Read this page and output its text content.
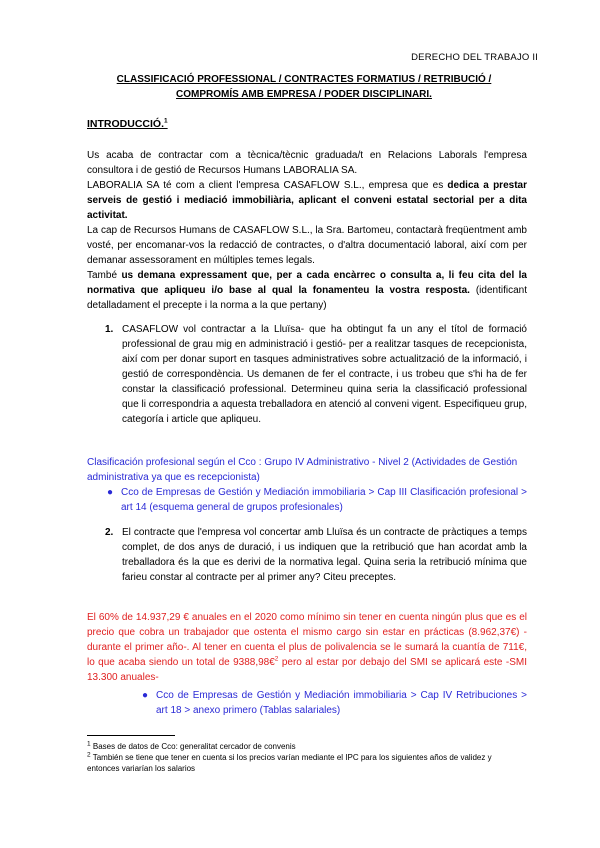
DERECHO DEL TRABAJO II
CLASSIFICACIÓ PROFESSIONAL / CONTRACTES FORMATIUS / RETRIBUCIÓ /
COMPROMÍS AMB EMPRESA / PODER DISCIPLINARI.
INTRODUCCIÓ.$^1$

Us acaba de contractar com a tècnica/tècnic graduada/t en Relacions Laborals l'empresa consultora i de gestió de Recursos Humans LABORALIA SA.

LABORALIA SA té com a client l'empresa CASAFLOW S.L., empresa que es dedica a prestar serveis de gestió i mediació immobiliària, aplicant el conveni estatal sectorial per a dita activitat.

La cap de Recursos Humans de CASAFLOW S.L., la Sra. Bartomeu, contactarà freqüentment amb vosté, per encomanar-vos la redacció de contractes, o d'altra documentació laboral, així com per demanar assessorament en múltiples temes legals.

També us demana expressament que, per a cada encàrrec o consulta a, li feu cita del la normativa que apliqueu i/o base al qual la fonamenteu la vostra resposta. (identificant detalladament el precepte i la norma a la que pertany)

1. CASAFLOW vol contractar a la Lluïsa- que ha obtingut fa un any el títol de formació professional de grau mig en administració i gestió- per a realitzar tasques de recepcionista, així com per donar suport en tasques administratives sobre actualització de la informació, i gestió de correspondència. Us demanen de fer el contracte, i us trobeu que s'hi ha de fer constar la classificació professional. Determineu quina seria la classificació professional que li correspondria a aquesta treballadora en atenció al conveni vigent. Especifiqueu grup, categoría i article que apliqueu.
Clasificación profesional según el Cco : Grupo IV Administrativo - Nivel 2 (Actividades de Gestión administrativa ya que es recepcionista)
● Cco de Empresas de Gestión y Mediación immobiliaria > Cap III Clasificación profesional > art 14 (esquema general de grupos profesionales)
2. El contracte que l'empresa vol concertar amb Lluïsa és un contracte de pràctiques a temps complet, de dos anys de duració, i us indiquen que la retribució que han acordat amb la treballadora és la que es derivi de la normativa legal. Quina seria la retribució mínima que farieu constar al contracte per al primer any? Citeu preceptes.
El 60% de 14.937,29 € anuales en el 2020 como mínimo sin tener en cuenta ningún plus que es el precio que cobra un trabajador que ostenta el mismo cargo sin estar en prácticas (8.962,37€) -durante el primer año-. Al tener en cuenta el plus de polivalencia se le sumará la cuantía de 711€, lo que acaba siendo un total de 9388,98€$^2$ pero al estar por debajo del SMI se aplicará este -SMI 13.300 anuales-
● Cco de Empresas de Gestión y Mediación immobiliaria > Cap IV Retribuciones > art 18 > anexo primero (Tablas salariales)
$^1$ Bases de datos de Cco: generalitat cercador de convenis
$^2$ También se tiene que tener en cuenta si los precios varían mediante el IPC para los siguientes años de validez y entonces variarían los salarios
